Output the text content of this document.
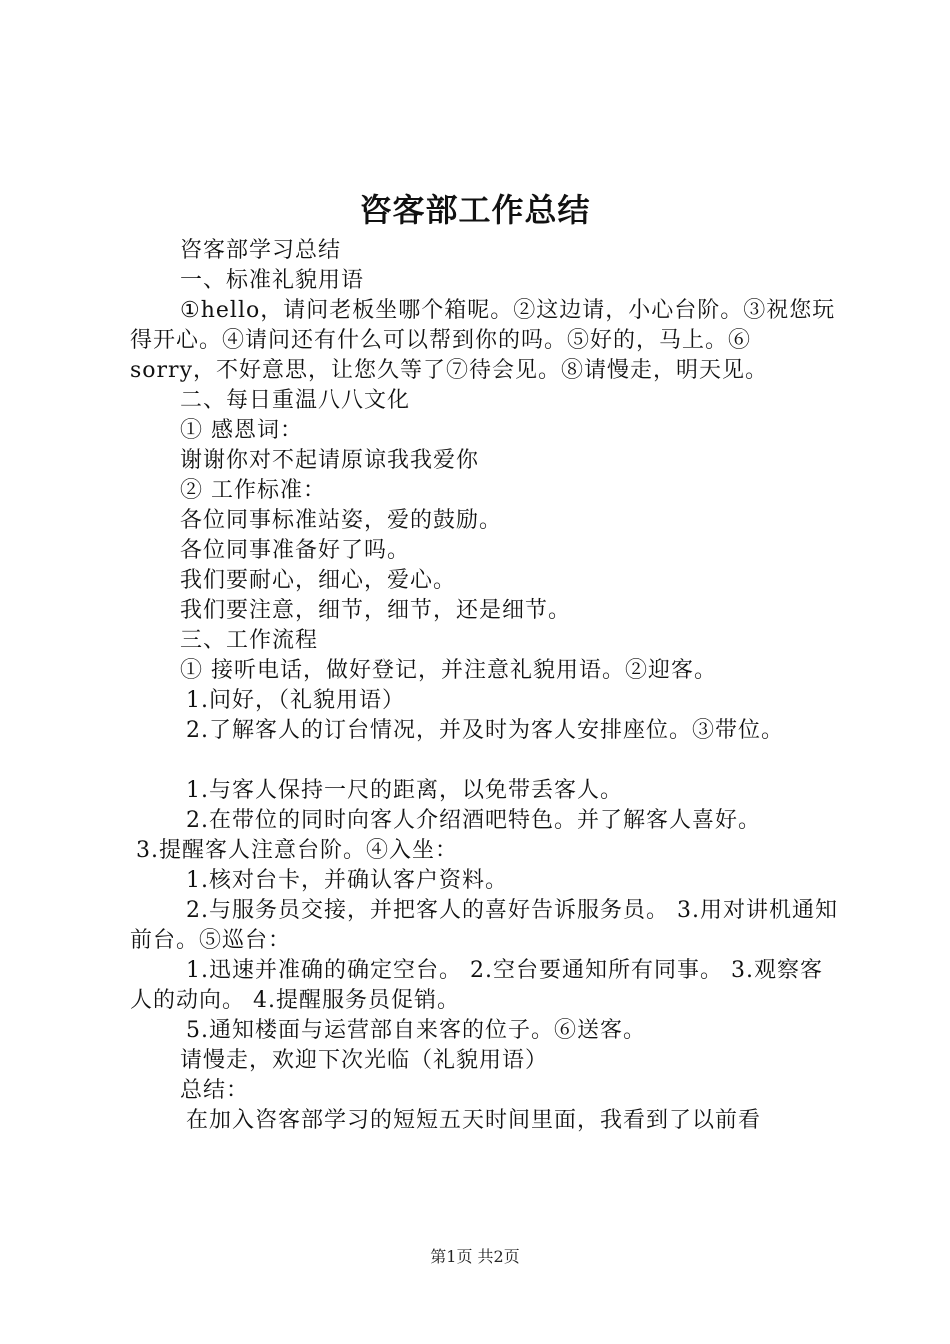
咨客部工作总结

咨客部学习总结

一、标准礼貌用语

①hello，请问老板坐哪个箱呢。②这边请，小心台阶。③祝您玩得开心。④请问还有什么可以帮到你的吗。⑤好的，马上。⑥ sorry，不好意思，让您久等了⑦待会见。⑧请慢走，明天见。

二、每日重温八八文化

① 感恩词：

谢谢你对不起请原谅我我爱你

② 工作标准：

各位同事标准站姿，爱的鼓励。

各位同事准备好了吗。

我们要耐心，细心，爱心。

我们要注意，细节，细节，还是细节。

三、工作流程

① 接听电话，做好登记，并注意礼貌用语。②迎客。

1.问好，（礼貌用语）

2.了解客人的订台情况，并及时为客人安排座位。③带位。

1.与客人保持一尺的距离，以免带丢客人。

2.在带位的同时向客人介绍酒吧特色。并了解客人喜好。

3.提醒客人注意台阶。④入坐：

1.核对台卡，并确认客户资料。

2.与服务员交接，并把客人的喜好告诉服务员。 3.用对讲机通知前台。⑤巡台：

1.迅速并准确的确定空台。 2.空台要通知所有同事。 3.观察客人的动向。 4.提醒服务员促销。

5.通知楼面与运营部自来客的位子。⑥送客。

请慢走，欢迎下次光临（礼貌用语）

总结：

在加入咨客部学习的短短五天时间里面，我看到了以前看

第1页 共2页
